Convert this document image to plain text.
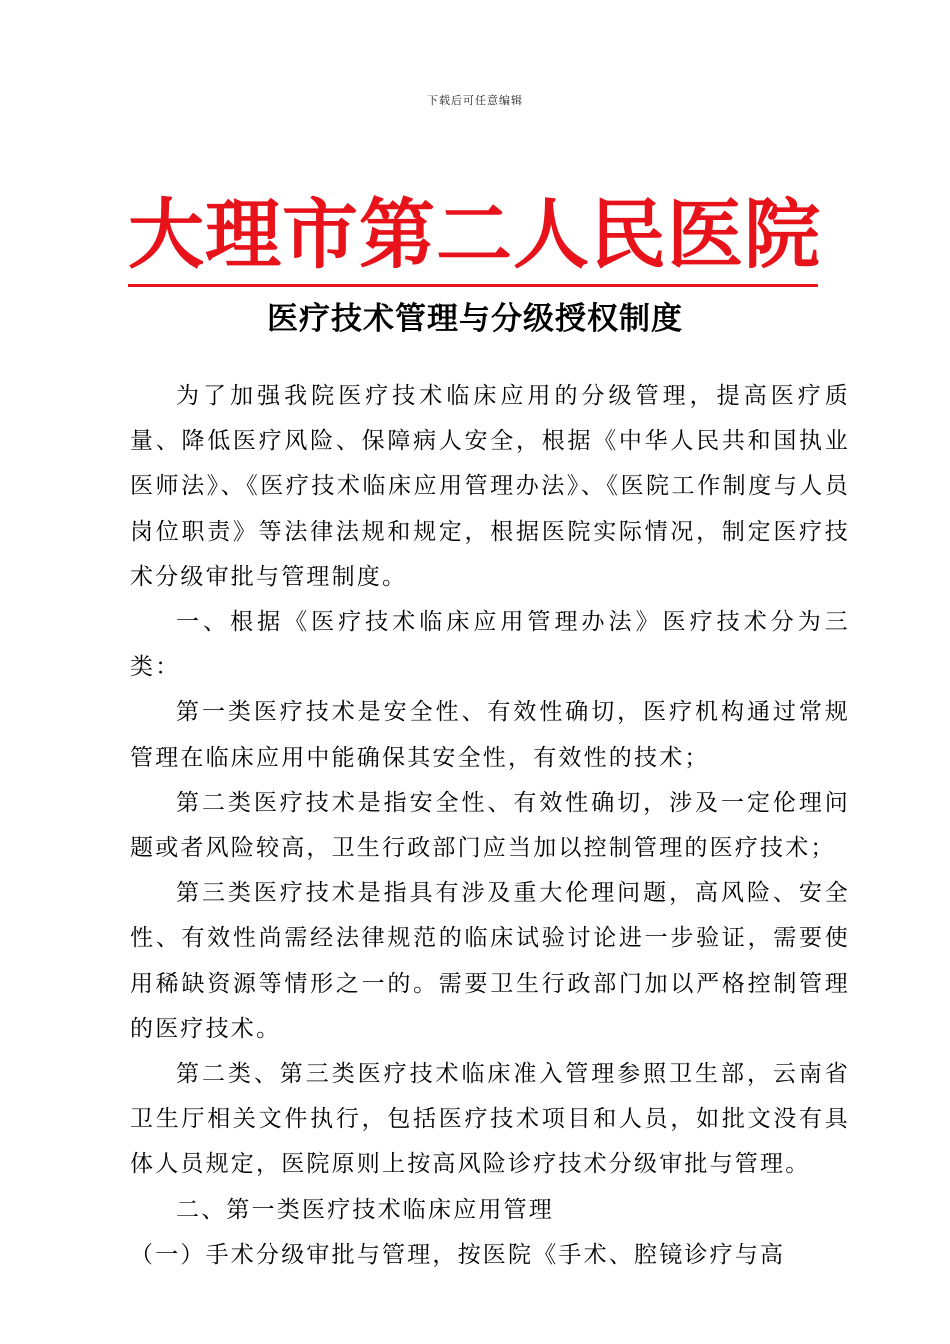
下载后可任意编辑
大理市第二人民医院
医疗技术管理与分级授权制度

为了加强我院医疗技术临床应用的分级管理，提高医疗质量、降低医疗风险、保障病人安全，根据《中华人民共和国执业医师法》、《医疗技术临床应用管理办法》、《医院工作制度与人员岗位职责》等法律法规和规定，根据医院实际情况，制定医疗技术分级审批与管理制度。

一、根据《医疗技术临床应用管理办法》医疗技术分为三类：

第一类医疗技术是安全性、有效性确切，医疗机构通过常规管理在临床应用中能确保其安全性，有效性的技术；

第二类医疗技术是指安全性、有效性确切，涉及一定伦理问题或者风险较高，卫生行政部门应当加以控制管理的医疗技术；

第三类医疗技术是指具有涉及重大伦理问题，高风险、安全性、有效性尚需经法律规范的临床试验讨论进一步验证，需要使用稀缺资源等情形之一的。需要卫生行政部门加以严格控制管理的医疗技术。

第二类、第三类医疗技术临床准入管理参照卫生部，云南省卫生厅相关文件执行，包括医疗技术项目和人员，如批文没有具体人员规定，医院原则上按高风险诊疗技术分级审批与管理。

二、第一类医疗技术临床应用管理

（一）手术分级审批与管理，按医院《手术、腔镜诊疗与高
